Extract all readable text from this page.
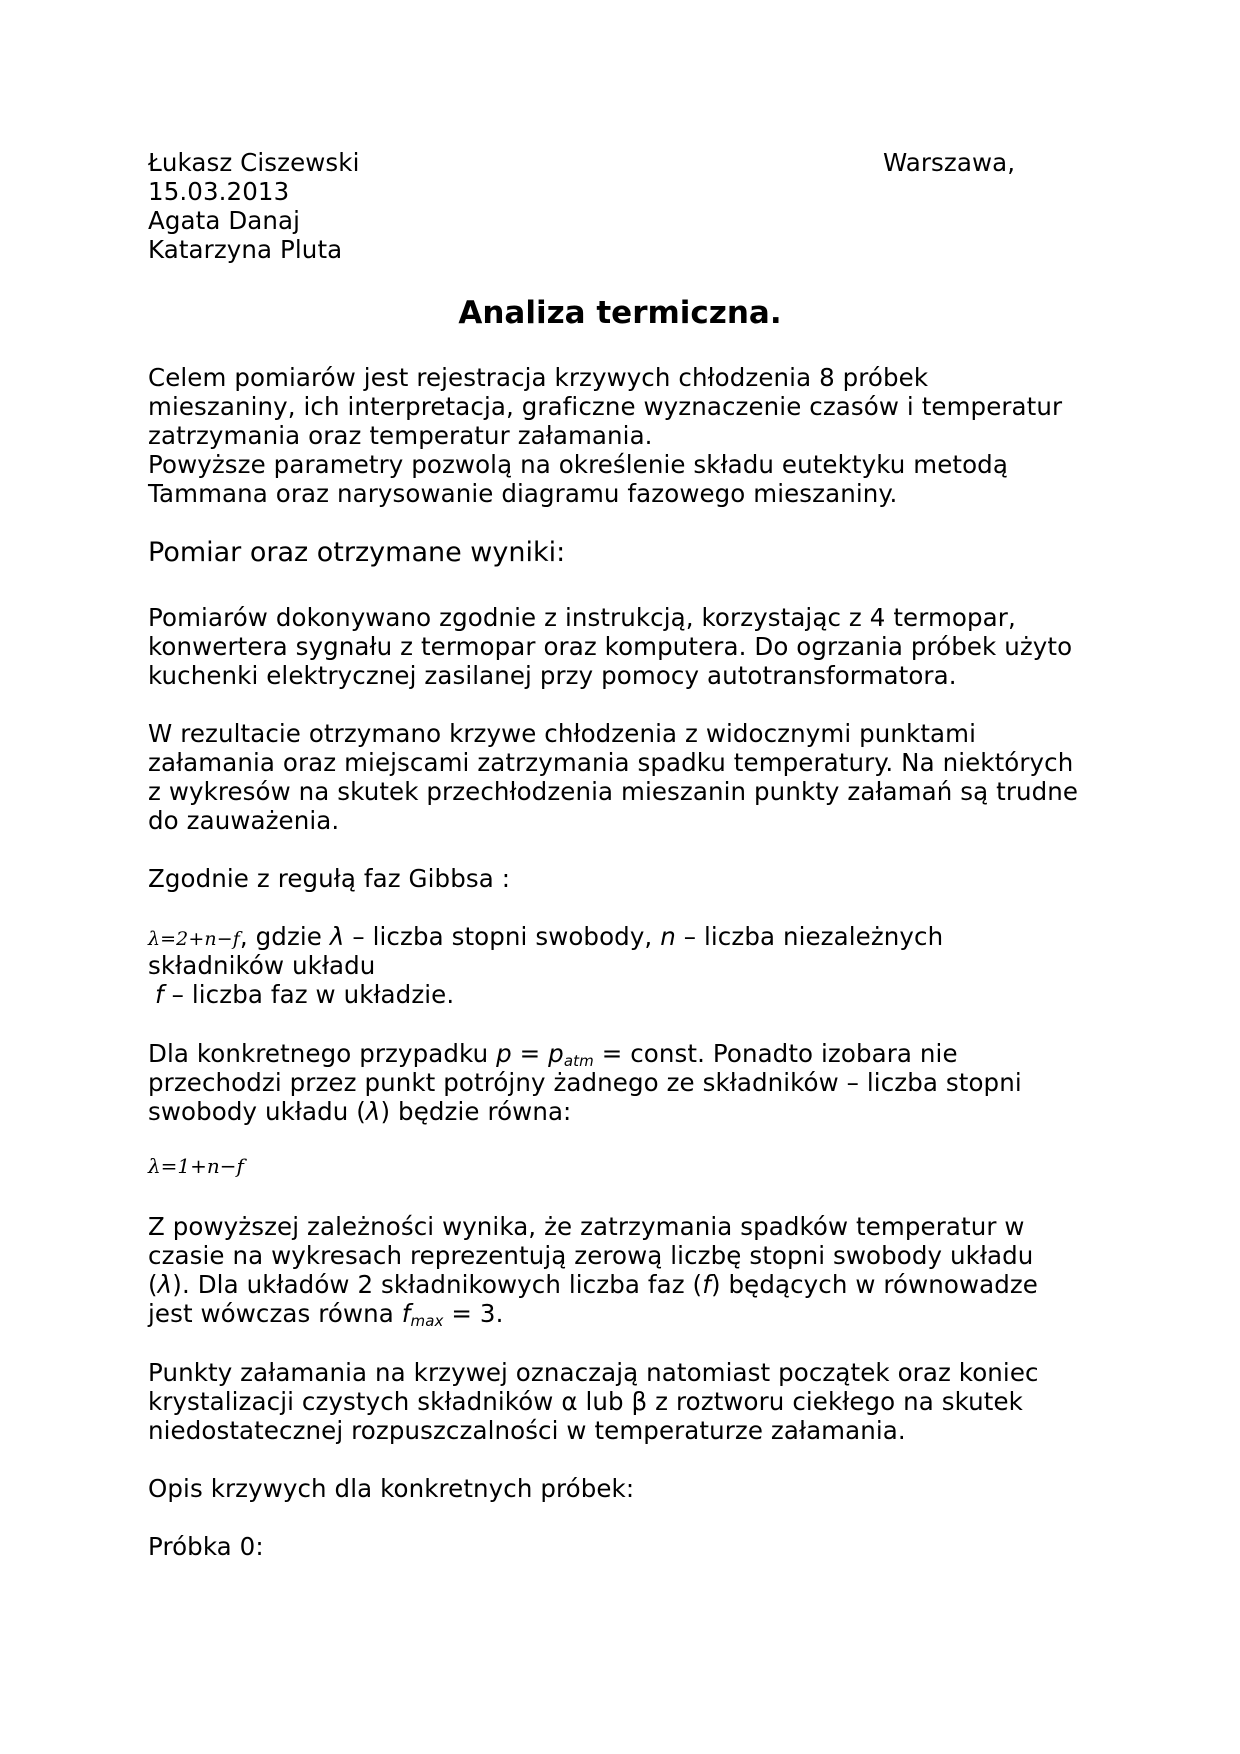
Łukasz Ciszewski
15.03.2013
Agata Danaj
Katarzyna Pluta
Warszawa,
Analiza termiczna.
Celem pomiarów jest rejestracja krzywych chłodzenia 8 próbek
mieszaniny, ich interpretacja, graficzne wyznaczenie czasów i temperatur
zatrzymania oraz temperatur załamania.
Powyższe parametry pozwolą na określenie składu eutektyku metodą
Tammana oraz narysowanie diagramu fazowego mieszaniny.
Pomiar oraz otrzymane wyniki:
Pomiarów dokonywano zgodnie z instrukcją, korzystając z 4 termopar,
konwertera sygnału z termopar oraz komputera. Do ogrzania próbek użyto
kuchenki elektrycznej zasilanej przy pomocy autotransformatora.
W rezultacie otrzymano krzywe chłodzenia z widocznymi punktami
załamania oraz miejscami zatrzymania spadku temperatury. Na niektórych
z wykresów na skutek przechłodzenia mieszanin punkty załamań są trudne
do zauważenia.
Zgodnie z regułą faz Gibbsa :
λ=2+n−f, gdzie λ – liczba stopni swobody, n – liczba niezależnych
składników układu
f – liczba faz w układzie.
Dla konkretnego przypadku $p = p_{atm}$ = const. Ponadto izobara nie
przechodzi przez punkt potrójny żadnego ze składników – liczba stopni
swobody układu (λ) będzie równa:
λ=1+n−f
Z powyższej zależności wynika, że zatrzymania spadków temperatur w
czasie na wykresach reprezentują zerową liczbę stopni swobody układu
(λ). Dla układów 2 składnikowych liczba faz (f) będących w równowadze
jest wówczas równa $f_{max} = 3$.
Punkty załamania na krzywej oznaczają natomiast początek oraz koniec
krystalizacji czystych składników α lub β z roztworu ciekłego na skutek
niedostatecznej rozpuszczalności w temperaturze załamania.
Opis krzywych dla konkretnych próbek:
Próbka 0:
